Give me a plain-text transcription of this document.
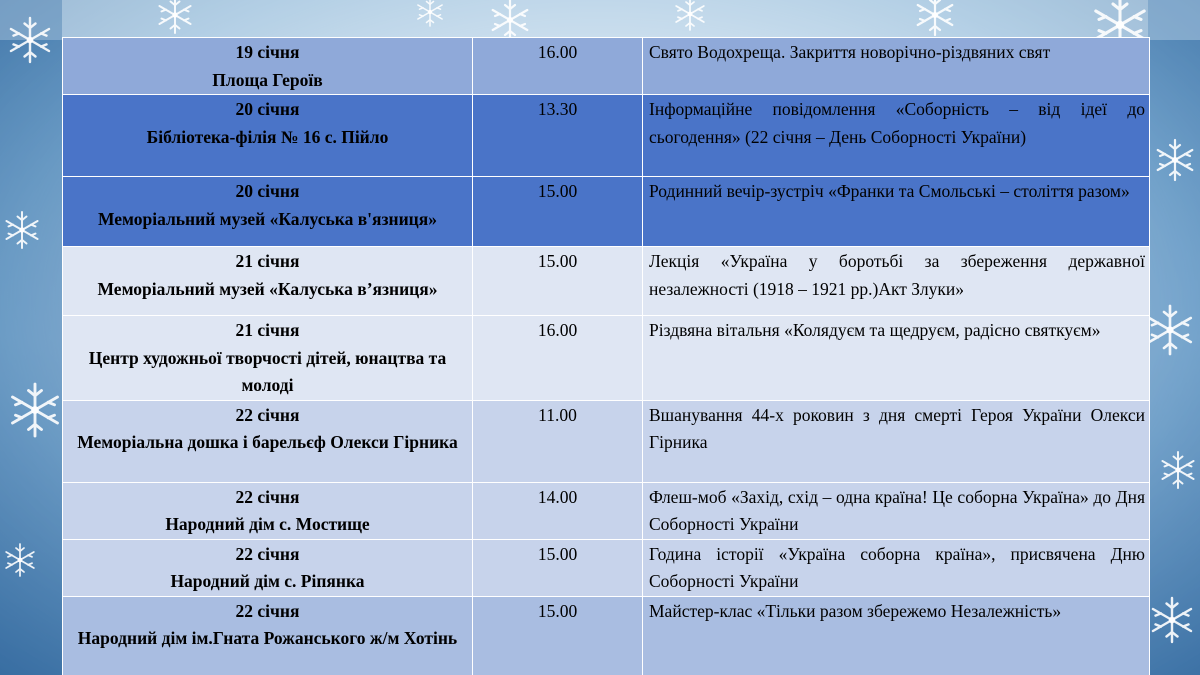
19 січня
Площа Героїв	16.00	Свято Водохреща. Закриття новорічно-різдвяних свят

20 січня
Бібліотека-філія № 16 с. Пійло	13.30	Інформаційне повідомлення «Соборність – від ідеї до сьогодення» (22 січня – День Соборності України)

20 січня
Меморіальний музей «Калуська в'язниця»	15.00	Родинний вечір-зустріч «Франки та Смольські – століття разом»

21 січня
Меморіальний музей «Калуська в’язниця»	15.00	Лекція «Україна у боротьбі за збереження державної незалежності (1918 – 1921 рр.)Акт Злуки»

21 січня
Центр художньої творчості дітей, юнацтва та молоді	16.00	Різдвяна вітальня «Колядуєм та щедруєм, радісно святкуєм»

22 січня
Меморіальна дошка і барельєф Олекси Гірника	11.00	Вшанування 44-х роковин з дня смерті Героя України Олекси Гірника

22 січня
Народний дім с. Мостище	14.00	Флеш-моб «Захід, схід – одна країна! Це соборна Україна» до Дня Соборності України

22 січня
Народний дім с. Ріпянка	15.00	Година історії «Україна соборна країна», присвячена Дню Соборності України

22 січня
Народний дім ім.Гната Рожанського ж/м Хотінь	15.00	Майстер-клас «Тільки разом збережемо Незалежність»
